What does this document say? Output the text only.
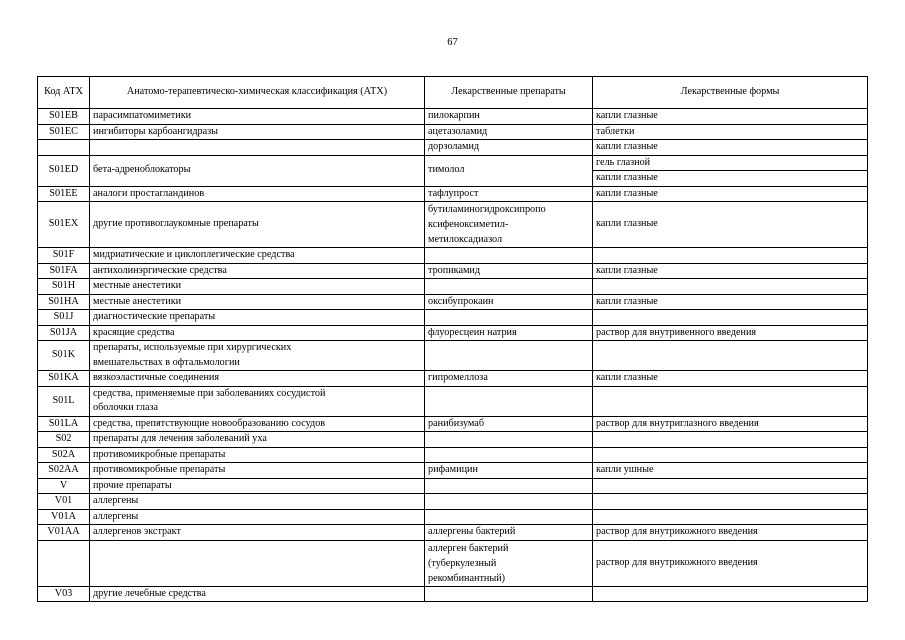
67
Код АТХ	Анатомо-терапевтическо-химическая классификация (АТХ)	Лекарственные препараты	Лекарственные формы
S01EB	парасимпатомиметики	пилокарпин	капли глазные
S01EC	ингибиторы карбоангидразы	ацетазоламид	таблетки
		дорзоламид	капли глазные
S01ED	бета-адреноблокаторы	тимолол	гель глазной
			капли глазные
S01EE	аналоги простагландинов	тафлупрост	капли глазные
S01EX	другие противоглаукомные препараты	бутиламиногидроксипропо
ксифеноксиметил-
метилоксадиазол	капли глазные
S01F	мидриатические и циклоплегические средства		
S01FA	антихолинэргические средства	тропикамид	капли глазные
S01H	местные анестетики		
S01HA	местные анестетики	оксибупрокаин	капли глазные
S01J	диагностические препараты		
S01JA	красящие средства	флуоресцеин натрия	раствор для внутривенного введения
S01K	препараты, используемые при хирургических
вмешательствах в офтальмологии		

S01KA	вязкоэластичные соединения	гипромеллоза	капли глазные
S01L	средства, применяемые при заболеваниях сосудистой
оболочки глаза		

S01LA	средства, препятствующие новообразованию сосудов	ранибизумаб	раствор для внутриглазного введения
S02	препараты для лечения заболеваний уха		
S02A	противомикробные препараты		
S02AA	противомикробные препараты	рифамицин	капли ушные
V	прочие препараты		
V01	аллергены		
V01A	аллергены		
V01AA	аллергенов экстракт	аллергены бактерий	раствор для внутрикожного введения

		аллерген бактерий
(туберкулезный
рекомбинантный)	раствор для внутрикожного введения
V03	другие лечебные средства		
